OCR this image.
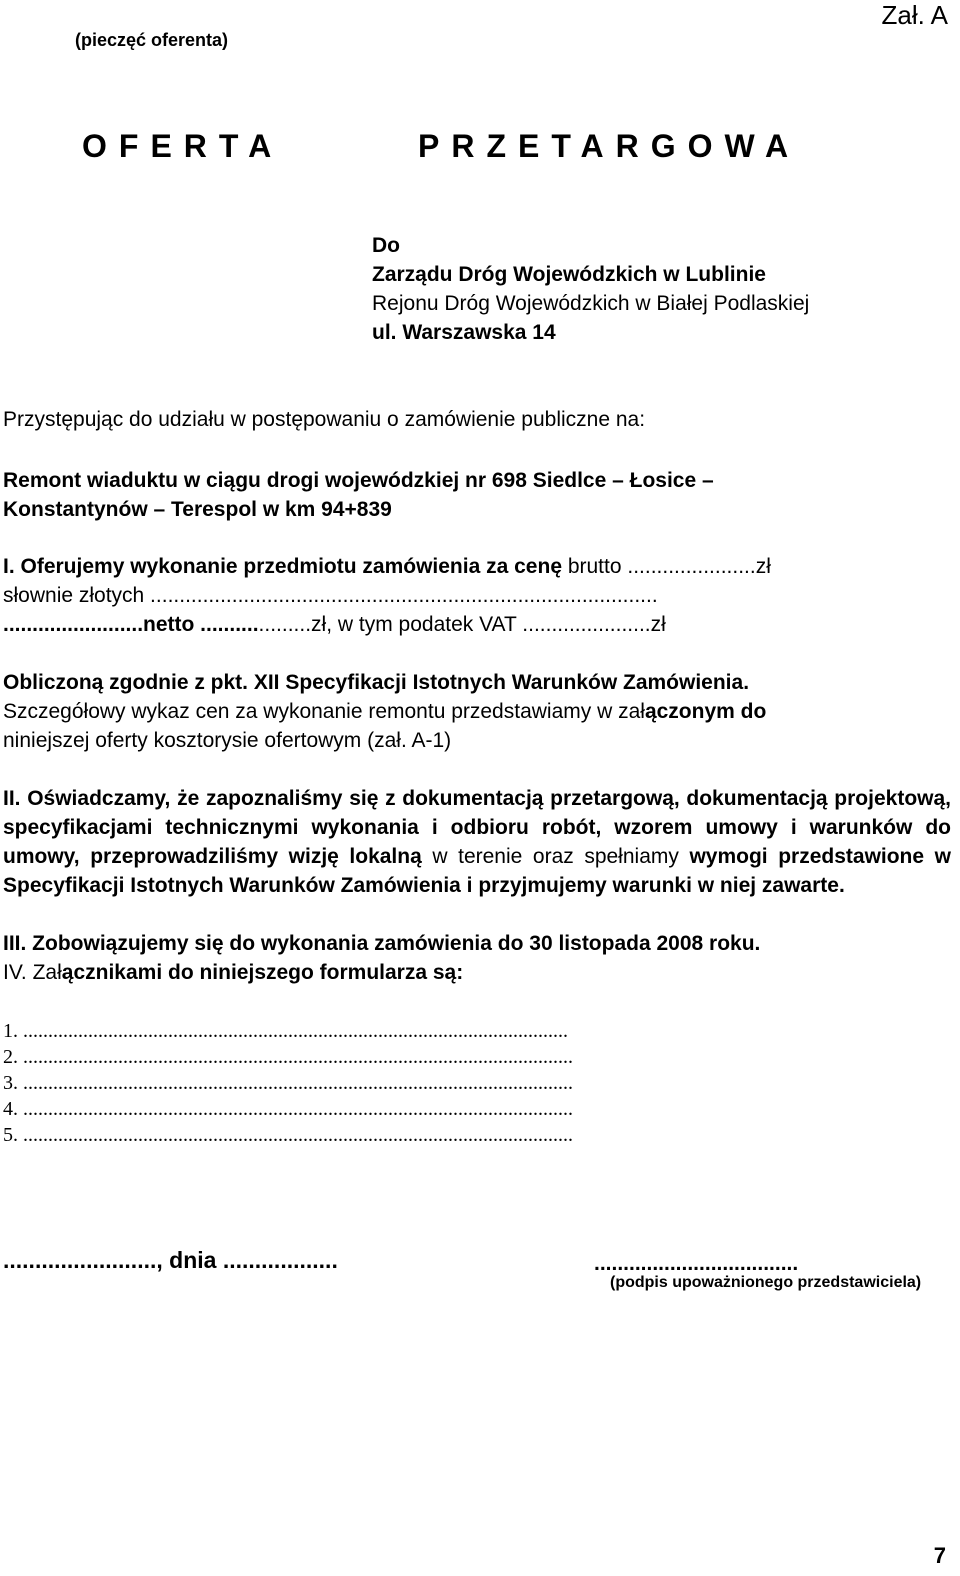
(pieczęć oferenta)
Zał. A
OFERTA	PRZETARGOWA
Do
Zarządu Dróg Wojewódzkich w Lublinie
Rejonu Dróg Wojewódzkich w Białej Podlaskiej
ul. Warszawska 14
Przystępując do udziału w postępowaniu o zamówienie publiczne na:
Remont wiaduktu w ciągu drogi wojewódzkiej nr 698 Siedlce – Łosice –
Konstantynów – Terespol w km 94+839
I. Oferujemy wykonanie przedmiotu zamówienia za cenę brutto ......................zł
słownie złotych .......................................................................................
........................netto ...................zł, w tym podatek VAT ......................zł
Obliczoną zgodnie z pkt. XII Specyfikacji Istotnych Warunków Zamówienia.
Szczegółowy wykaz cen za wykonanie remontu przedstawiamy w załączonym do
niniejszej oferty kosztorysie ofertowym (zał. A-1)
II. Oświadczamy, że zapoznaliśmy się z dokumentacją przetargową, dokumentacją projektową, specyfikacjami technicznymi wykonania i odbioru robót, wzorem umowy i warunków do umowy, przeprowadziliśmy wizję lokalną w terenie oraz spełniamy wymogi przedstawione w Specyfikacji Istotnych Warunków Zamówienia i przyjmujemy warunki w niej zawarte.
III. Zobowiązujemy się do wykonania zamówienia do 30 listopada 2008 roku.
IV. Załącznikami do niniejszego formularza są:
1. .............................................................................................................
2. ..............................................................................................................
3. ..............................................................................................................
4. ..............................................................................................................
5. ..............................................................................................................
........................, dnia ..................	...................................
(podpis upoważnionego przedstawiciela)
7
